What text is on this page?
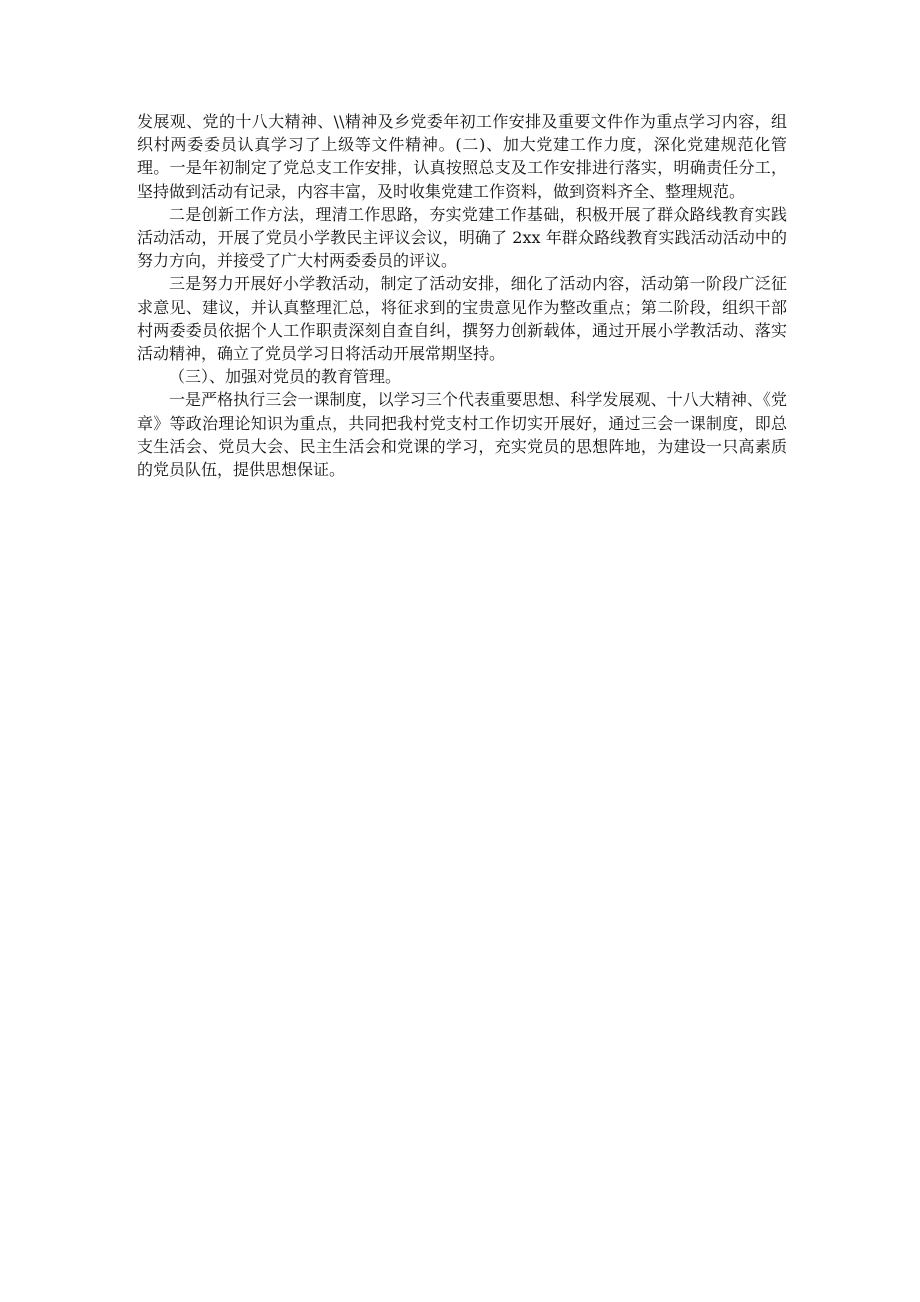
发展观、党的十八大精神、\\精神及乡党委年初工作安排及重要文件作为重点学习内容，组织村两委委员认真学习了上级等文件精神。(二)、加大党建工作力度，深化党建规范化管理。一是年初制定了党总支工作安排，认真按照总支及工作安排进行落实，明确责任分工，坚持做到活动有记录，内容丰富，及时收集党建工作资料，做到资料齐全、整理规范。

二是创新工作方法，理清工作思路，夯实党建工作基础，积极开展了群众路线教育实践活动活动，开展了党员小学教民主评议会议，明确了 2xx 年群众路线教育实践活动活动中的努力方向，并接受了广大村两委委员的评议。

三是努力开展好小学教活动，制定了活动安排，细化了活动内容，活动第一阶段广泛征求意见、建议，并认真整理汇总，将征求到的宝贵意见作为整改重点；第二阶段，组织干部村两委委员依据个人工作职责深刻自查自纠，撰努力创新载体，通过开展小学教活动、落实活动精神，确立了党员学习日将活动开展常期坚持。

（三）、加强对党员的教育管理。

一是严格执行三会一课制度，以学习三个代表重要思想、科学发展观、十八大精神、《党章》等政治理论知识为重点，共同把我村党支村工作切实开展好，通过三会一课制度，即总支生活会、党员大会、民主生活会和党课的学习，充实党员的思想阵地，为建设一只高素质的党员队伍，提供思想保证。
